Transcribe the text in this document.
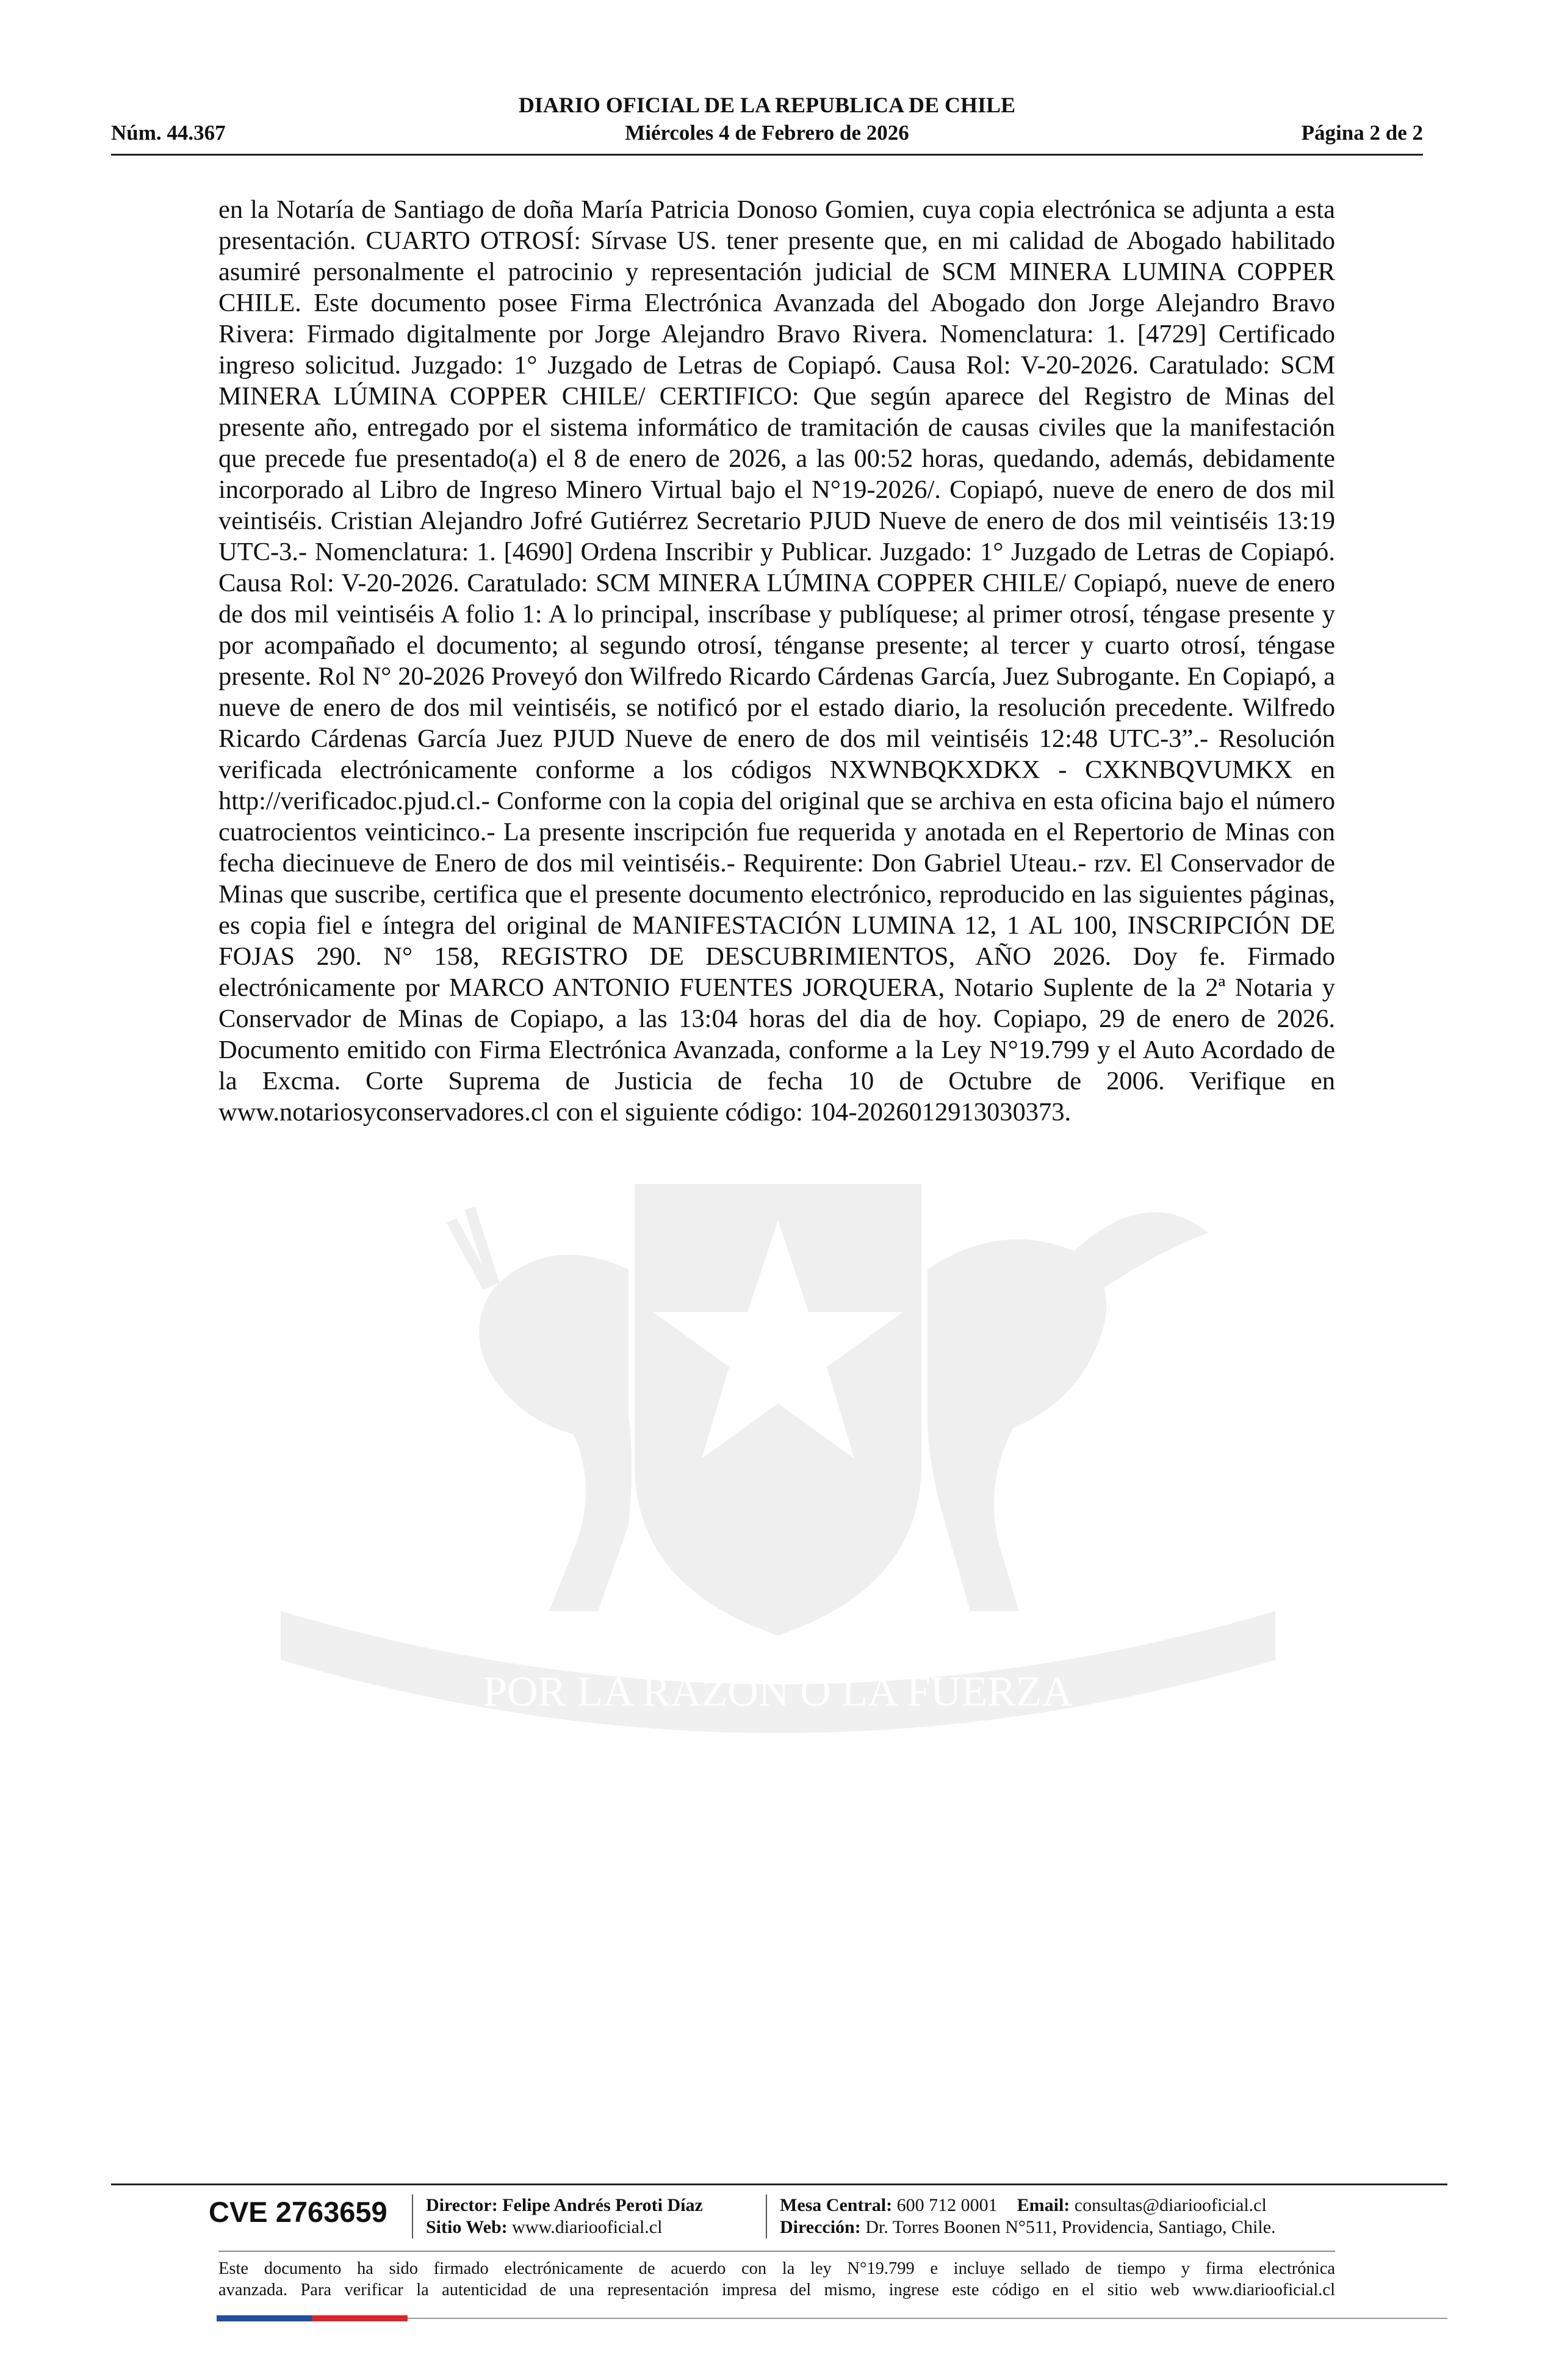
DIARIO OFICIAL DE LA REPUBLICA DE CHILE
Núm. 44.367	Miércoles 4 de Febrero de 2026	Página 2 de 2
POR LA RAZON O LA FUERZA
en la Notaría de Santiago de doña María Patricia Donoso Gomien, cuya copia electrónica se adjunta a esta presentación. CUARTO OTROSÍ: Sírvase US. tener presente que, en mi calidad de Abogado habilitado asumiré personalmente el patrocinio y representación judicial de SCM MINERA LUMINA COPPER CHILE. Este documento posee Firma Electrónica Avanzada del Abogado don Jorge Alejandro Bravo Rivera: Firmado digitalmente por Jorge Alejandro Bravo Rivera. Nomenclatura: 1. [4729] Certificado ingreso solicitud. Juzgado: 1° Juzgado de Letras de Copiapó. Causa Rol: V-20-2026. Caratulado: SCM MINERA LÚMINA COPPER CHILE/ CERTIFICO: Que según aparece del Registro de Minas del presente año, entregado por el sistema informático de tramitación de causas civiles que la manifestación que precede fue presentado(a) el 8 de enero de 2026, a las 00:52 horas, quedando, además, debidamente incorporado al Libro de Ingreso Minero Virtual bajo el N°19-2026/. Copiapó, nueve de enero de dos mil veintiséis. Cristian Alejandro Jofré Gutiérrez Secretario PJUD Nueve de enero de dos mil veintiséis 13:19 UTC-3.- Nomenclatura: 1. [4690] Ordena Inscribir y Publicar. Juzgado: 1° Juzgado de Letras de Copiapó. Causa Rol: V-20-2026. Caratulado: SCM MINERA LÚMINA COPPER CHILE/ Copiapó, nueve de enero de dos mil veintiséis A folio 1: A lo principal, inscríbase y publíquese; al primer otrosí, téngase presente y por acompañado el documento; al segundo otrosí, ténganse presente; al tercer y cuarto otrosí, téngase presente. Rol N° 20-2026 Proveyó don Wilfredo Ricardo Cárdenas García, Juez Subrogante. En Copiapó, a nueve de enero de dos mil veintiséis, se notificó por el estado diario, la resolución precedente. Wilfredo Ricardo Cárdenas García Juez PJUD Nueve de enero de dos mil veintiséis 12:48 UTC-3”.- Resolución verificada electrónicamente conforme a los códigos NXWNBQKXDKX - CXKNBQVUMKX en http://verificadoc.pjud.cl.- Conforme con la copia del original que se archiva en esta oficina bajo el número cuatrocientos veinticinco.- La presente inscripción fue requerida y anotada en el Repertorio de Minas con fecha diecinueve de Enero de dos mil veintiséis.- Requirente: Don Gabriel Uteau.- rzv. El Conservador de Minas que suscribe, certifica que el presente documento electrónico, reproducido en las siguientes páginas, es copia fiel e íntegra del original de MANIFESTACIÓN LUMINA 12, 1 AL 100, INSCRIPCIÓN DE FOJAS 290. N° 158, REGISTRO DE DESCUBRIMIENTOS, AÑO 2026. Doy fe. Firmado electrónicamente por MARCO ANTONIO FUENTES JORQUERA, Notario Suplente de la 2ª Notaria y Conservador de Minas de Copiapo, a las 13:04 horas del dia de hoy. Copiapo, 29 de enero de 2026. Documento emitido con Firma Electrónica Avanzada, conforme a la Ley N°19.799 y el Auto Acordado de la Excma. Corte Suprema de Justicia de fecha 10 de Octubre de 2006. Verifique en www.notariosyconservadores.cl con el siguiente código: 104-2026012913030373.
CVE 2763659 Director: Felipe Andrés Peroti Díaz
Sitio Web: www.diariooficial.cl
Mesa Central: 600 712 0001 Email: consultas@diariooficial.cl
Dirección: Dr. Torres Boonen N°511, Providencia, Santiago, Chile.
Este documento ha sido firmado electrónicamente de acuerdo con la ley N°19.799 e incluye sellado de tiempo y firma electrónica
avanzada. Para verificar la autenticidad de una representación impresa del mismo, ingrese este código en el sitio web www.diariooficial.cl
